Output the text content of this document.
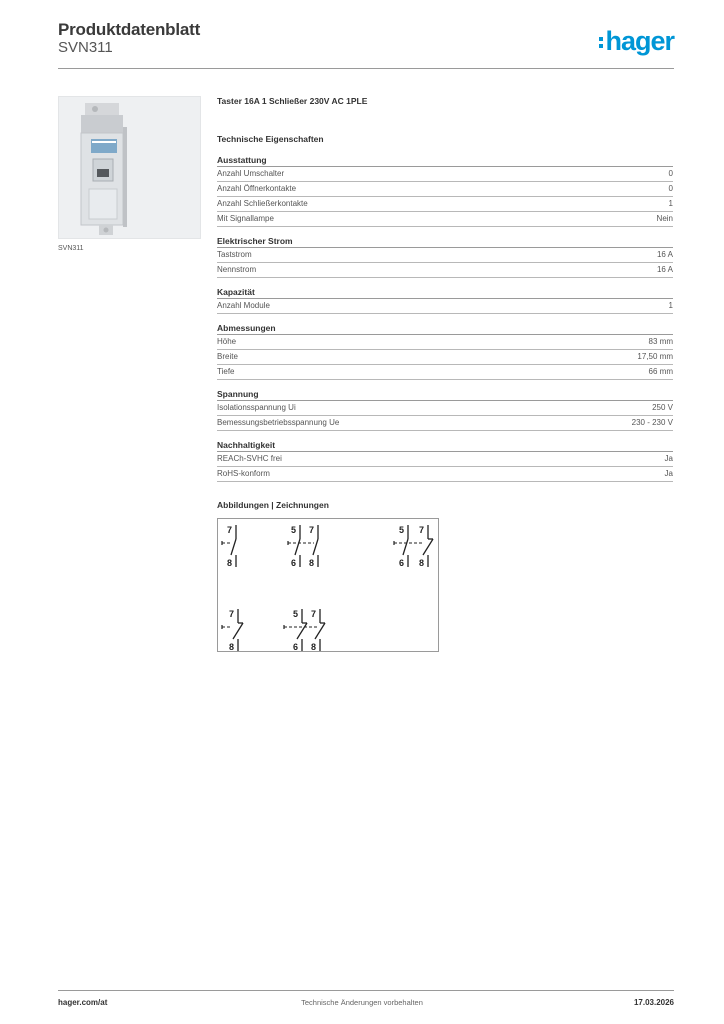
Produktdatenblatt
SVN311	hager
SVN311
Taster 16A 1 Schließer 230V AC 1PLE
Technische Eigenschaften
Ausstattung
Anzahl Umschalter	0
Anzahl Öffnerkontakte	0
Anzahl Schließerkontakte	1
Mit Signallampe	Nein
Elektrischer Strom
Taststrom	16 A
Nennstrom	16 A
Kapazität
Anzahl Module	1
Abmessungen
Höhe	83 mm
Breite	17,50 mm
Tiefe	66 mm
Spannung
Isolationsspannung Ui	250 V
Bemessungsbetriebsspannung Ue	230 - 230 V
Nachhaltigkeit
REACh-SVHC frei	Ja
RoHS-konform	Ja
Abbildungen | Zeichnungen
7
8
5
6
7
8
5
6
7
8
7
8
5
6
7
8
hager.com/at	Technische Änderungen vorbehalten	17.03.2026
